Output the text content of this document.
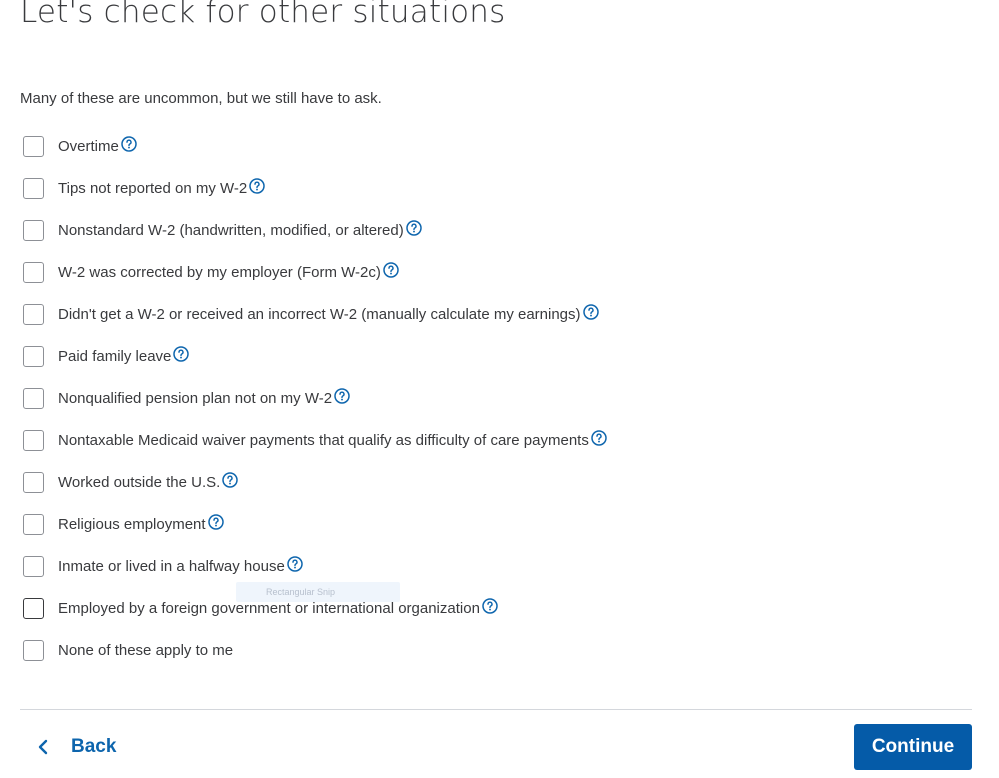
Let's check for other situations

Many of these are uncommon, but we still have to ask.

Overtime
Tips not reported on my W-2
Nonstandard W-2 (handwritten, modified, or altered)
W-2 was corrected by my employer (Form W-2c)
Didn't get a W-2 or received an incorrect W-2 (manually calculate my earnings)
Paid family leave
Nonqualified pension plan not on my W-2
Nontaxable Medicaid waiver payments that qualify as difficulty of care payments
Worked outside the U.S.
Religious employment
Inmate or lived in a halfway house
Employed by a foreign government or international organization
None of these apply to me
Rectangular Snip
Back	Continue
